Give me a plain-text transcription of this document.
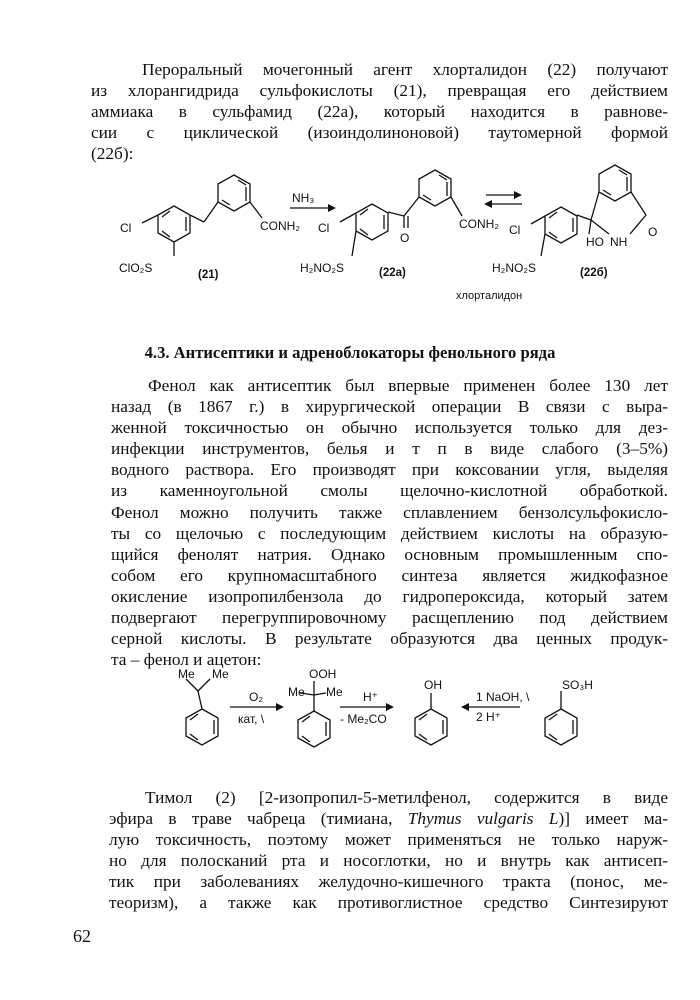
Пероральный мочегонный агент хлорталидон (22) получают
из хлорангидрида сульфокислоты (21), превращая его действием
аммиака в сульфамид (22а), который находится в равнове-
сии с циклической (изоиндолиноновой) таутомерной формой
(22б):
Cl	CONH₂
ClO₂S	(21)
NH₃
Cl
O
CONH₂
H₂NO₂S	(22а)
Cl
HO NH
O
H₂NO₂S	(22б)
хлорталидон
4.3. Антисептики и адреноблокаторы фенольного ряда
Фенол как антисептик был впервые применен более 130 лет
назад (в 1867 г.) в хирургической операции В связи с выра-
женной токсичностью он обычно используется только для дез-
инфекции инструментов, белья и т п в виде слабого (3–5%)
водного раствора. Его производят при коксовании угля, выделяя
из каменноугольной смолы щелочно-кислотной обработкой.
Фенол можно получить также сплавлением бензолсульфокисло-
ты со щелочью с последующим действием кислоты на образую-
щийся фенолят натрия. Однако основным промышленным спо-
собом его крупномасштабного синтеза является жидкофазное
окисление изопропилбензола до гидропероксида, который затем
подвергают перегруппировочному расщеплению под действием
серной кислоты. В результате образуются два ценных продук-
та – фенол и ацетон:
Me Me
O₂
кат, \
OOH
Me Me H⁺
- Me₂CO
OH
1 NaOH, \
2 H⁺
SO₃H
Тимол (2) [2-изопропил-5-метилфенол, содержится в виде
эфира в траве чабреца (тимиана, Thymus vulgaris L)] имеет ма-
лую токсичность, поэтому может применяться не только наруж-
но для полосканий рта и носоглотки, но и внутрь как антисеп-
тик при заболеваниях желудочно-кишечного тракта (понос, ме-
теоризм), а также как противоглистное средство Синтезируют
62
